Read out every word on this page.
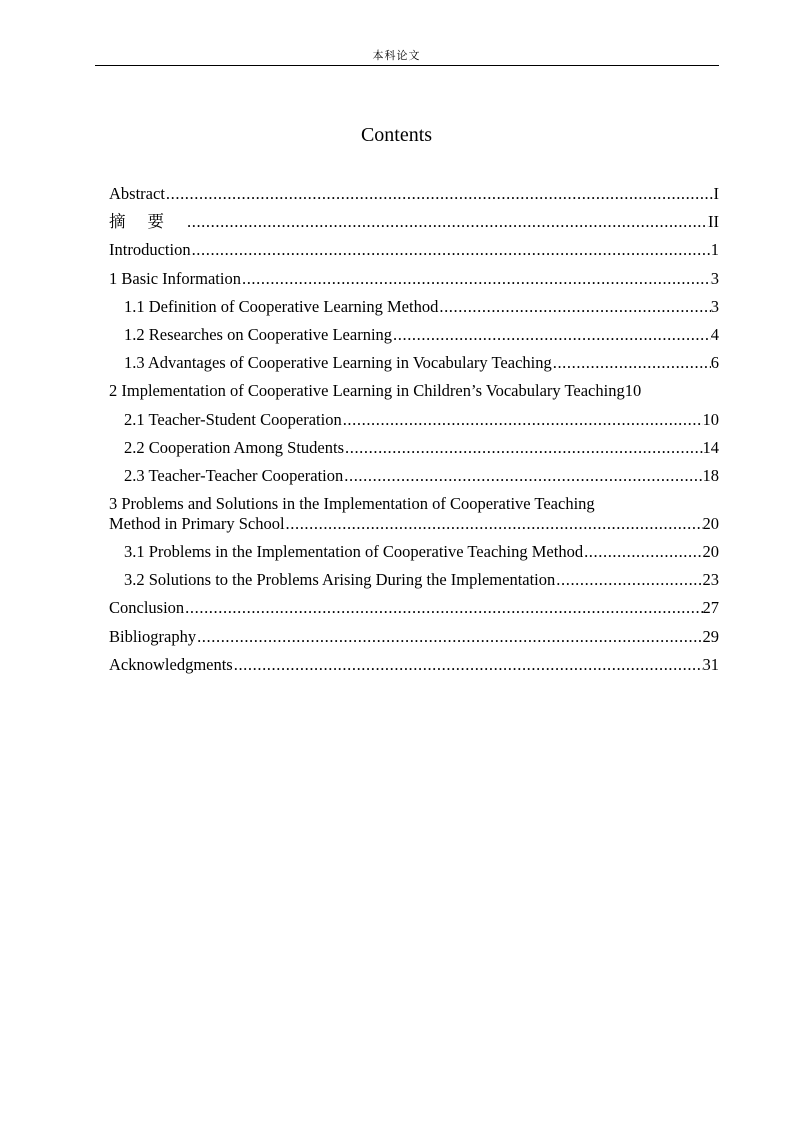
本科论文
Contents
Abstract .....	I
摘要 .....	II
Introduction .....	1
1 Basic Information .....	3
1.1 Definition of Cooperative Learning Method .....	3
1.2 Researches on Cooperative Learning .....	4
1.3 Advantages of Cooperative Learning in Vocabulary Teaching .....	6
2 Implementation of Cooperative Learning in Children’s Vocabulary Teaching 10
2.1 Teacher-Student Cooperation .....	10
2.2 Cooperation Among Students .....	14
2.3 Teacher-Teacher Cooperation .....	18
3 Problems and Solutions in the Implementation of Cooperative Teaching
Method in Primary School .....	20
3.1 Problems in the Implementation of Cooperative Teaching Method .....	20
3.2 Solutions to the Problems Arising During the Implementation .....	23
Conclusion .....	27
Bibliography .....	29
Acknowledgments .....	31
